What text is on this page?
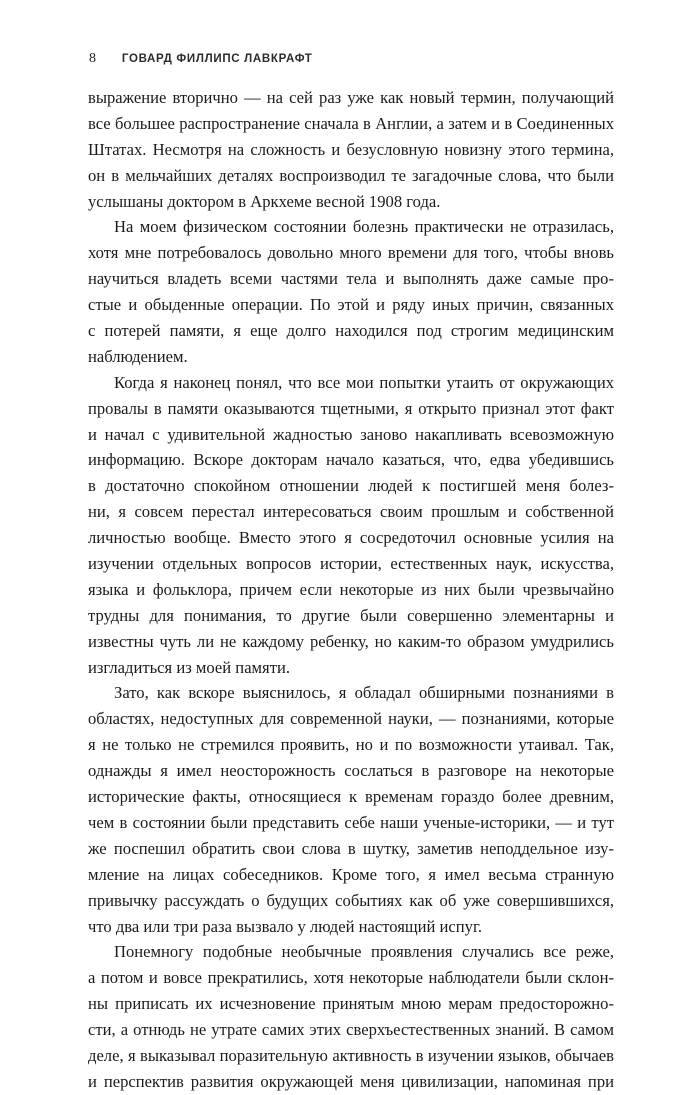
8 ГОВАРД ФИЛЛИПС ЛАВКРАФТ
выражение вторично — на сей раз уже как новый термин, получающий
все большее распространение сначала в Англии, а затем и в Соединенных
Штатах. Несмотря на сложность и безусловную новизну этого термина,
он в мельчайших деталях воспроизводил те загадочные слова, что были
услышаны доктором в Аркхеме весной 1908 года.
На моем физическом состоянии болезнь практически не отразилась,
хотя мне потребовалось довольно много времени для того, чтобы вновь
научиться владеть всеми частями тела и выполнять даже самые про-
стые и обыденные операции. По этой и ряду иных причин, связанных
с потерей памяти, я еще долго находился под строгим медицинским
наблюдением.
Когда я наконец понял, что все мои попытки утаить от окружающих
провалы в памяти оказываются тщетными, я открыто признал этот факт
и начал с удивительной жадностью заново накапливать всевозможную
информацию. Вскоре докторам начало казаться, что, едва убедившись
в достаточно спокойном отношении людей к постигшей меня болез-
ни, я совсем перестал интересоваться своим прошлым и собственной
личностью вообще. Вместо этого я сосредоточил основные усилия на
изучении отдельных вопросов истории, естественных наук, искусства,
языка и фольклора, причем если некоторые из них были чрезвычайно
трудны для понимания, то другие были совершенно элементарны и
известны чуть ли не каждому ребенку, но каким-то образом умудрились
изгладиться из моей памяти.
Зато, как вскоре выяснилось, я обладал обширными познаниями в
областях, недоступных для современной науки, — познаниями, которые
я не только не стремился проявить, но и по возможности утаивал. Так,
однажды я имел неосторожность сослаться в разговоре на некоторые
исторические факты, относящиеся к временам гораздо более древним,
чем в состоянии были представить себе наши ученые-историки, — и тут
же поспешил обратить свои слова в шутку, заметив неподдельное изу-
мление на лицах собеседников. Кроме того, я имел весьма странную
привычку рассуждать о будущих событиях как об уже совершившихся,
что два или три раза вызвало у людей настоящий испуг.
Понемногу подобные необычные проявления случались все реже,
а потом и вовсе прекратились, хотя некоторые наблюдатели были склон-
ны приписать их исчезновение принятым мною мерам предосторожно-
сти, а отнюдь не утрате самих этих сверхъестественных знаний. В самом
деле, я выказывал поразительную активность в изучении языков, обычаев
и перспектив развития окружающей меня цивилизации, напоминая при
